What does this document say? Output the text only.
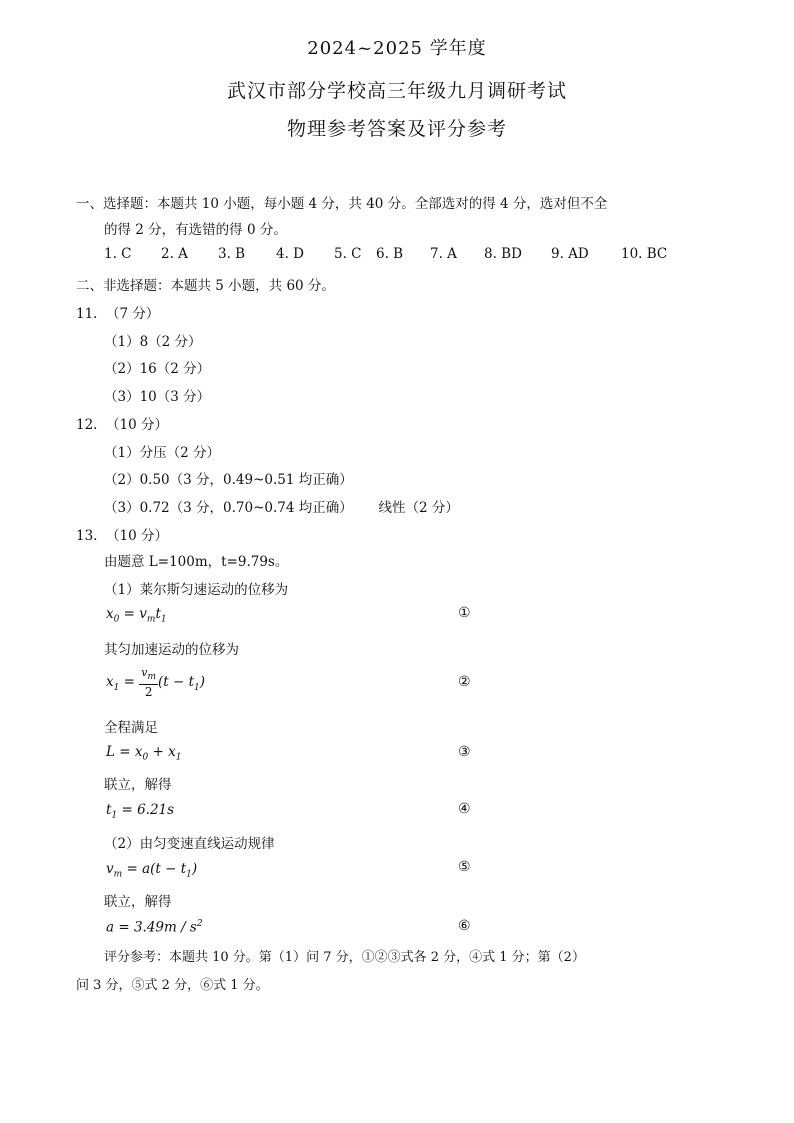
2024~2025 学年度
武汉市部分学校高三年级九月调研考试
物理参考答案及评分参考
一、选择题：本题共 10 小题，每小题 4 分，共 40 分。全部选对的得 4 分，选对但不全
的得 2 分，有选错的得 0 分。
1. C 2. A 3. B 4. D 5. C 6. B 7. A 8. BD 9. AD 10. BC
二、非选择题：本题共 5 小题，共 60 分。
11.  （7 分）
（1）8（2 分）
（2）16（2 分）
（3）10（3 分）
12.  （10 分）
（1）分压（2 分）
（2）0.50（3 分，0.49~0.51 均正确）
（3）0.72（3 分，0.70~0.74 均正确）      线性（2 分）
13.  （10 分）
由题意 L=100m，t=9.79s。
（1）莱尔斯匀速运动的位移为
$x_0 = v_mt_1$	①
其匀加速运动的位移为
$x_1 = \frac{v_m}{2} (t - t_1)$	②
全程满足
$L = x_0 + x_1$	③
联立，解得
$t_1 = 6.21s$	④
（2）由匀变速直线运动规律
$v_m = a(t - t_1)$	⑤
联立，解得
$a = 3.49m / s^2$	⑥
评分参考：本题共 10 分。第（1）问 7 分，①②③式各 2 分，④式 1 分；第（2）
问 3 分，⑤式 2 分，⑥式 1 分。
